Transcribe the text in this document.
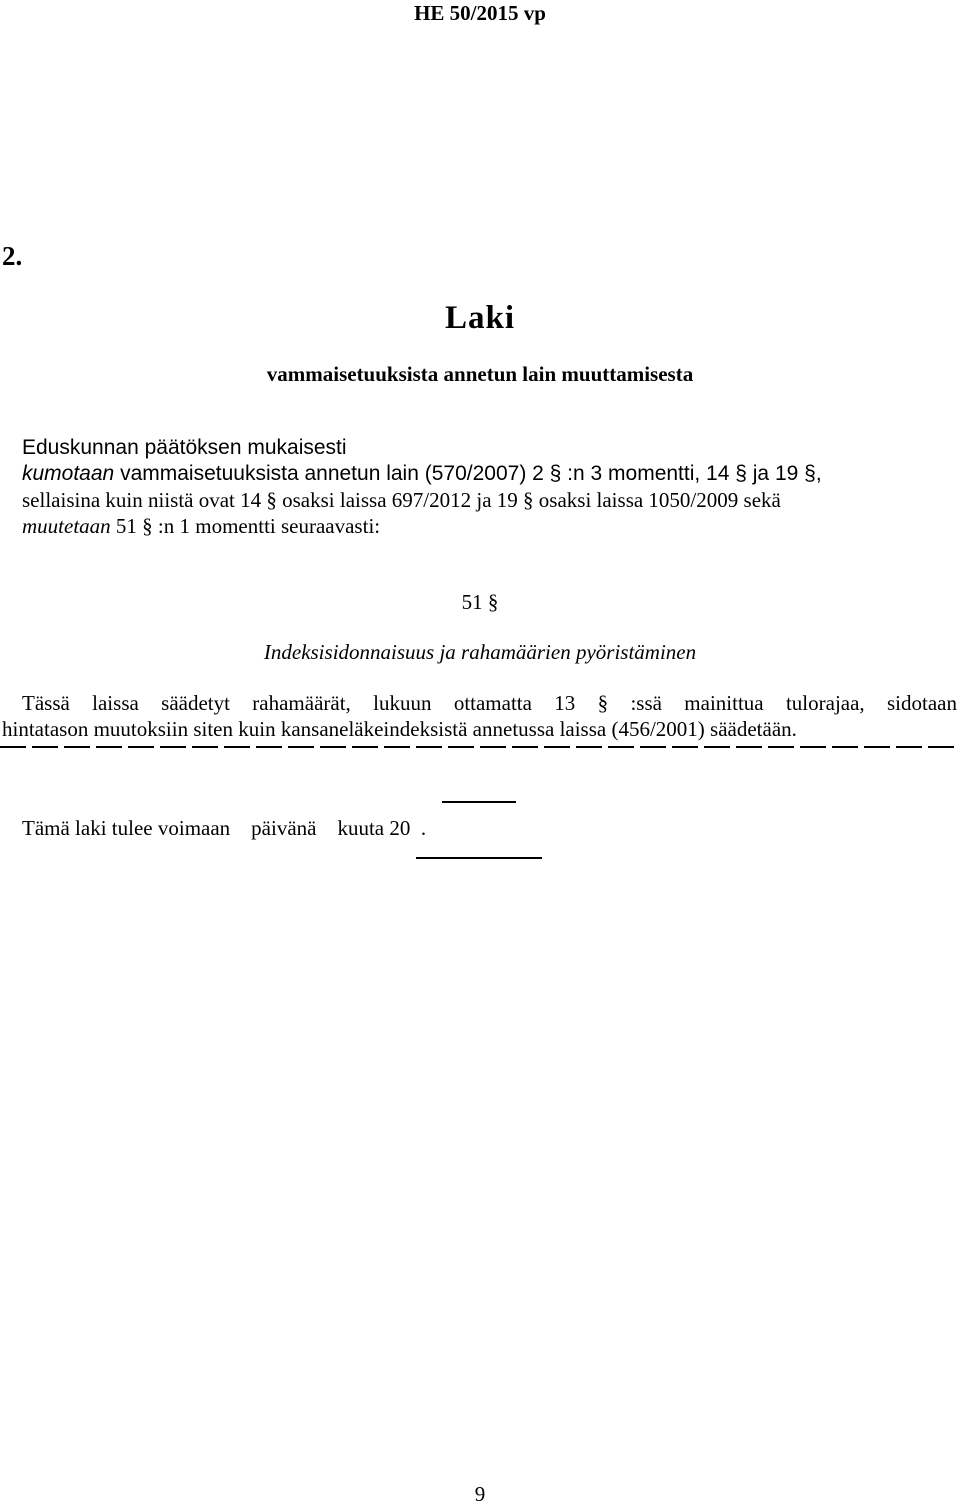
HE 50/2015 vp
2.
Laki
vammaisetuuksista annetun lain muuttamisesta
Eduskunnan päätöksen mukaisesti
kumotaan vammaisetuuksista annetun lain (570/2007) 2 § :n 3 momentti, 14 § ja 19 §,
sellaisina kuin niistä ovat 14 § osaksi laissa 697/2012 ja 19 § osaksi laissa 1050/2009 sekä
muutetaan 51 § :n 1 momentti seuraavasti:
51 §
Indeksisidonnaisuus ja rahamäärien pyöristäminen
Tässä laissa säädetyt rahamäärät, lukuun ottamatta 13 § :ssä mainittua tulorajaa, sidotaan
hintatason muutoksiin siten kuin kansaneläkeindeksistä annetussa laissa (456/2001) säädetään.
Tämä laki tulee voimaan    päivänä    kuuta 20  .
9
